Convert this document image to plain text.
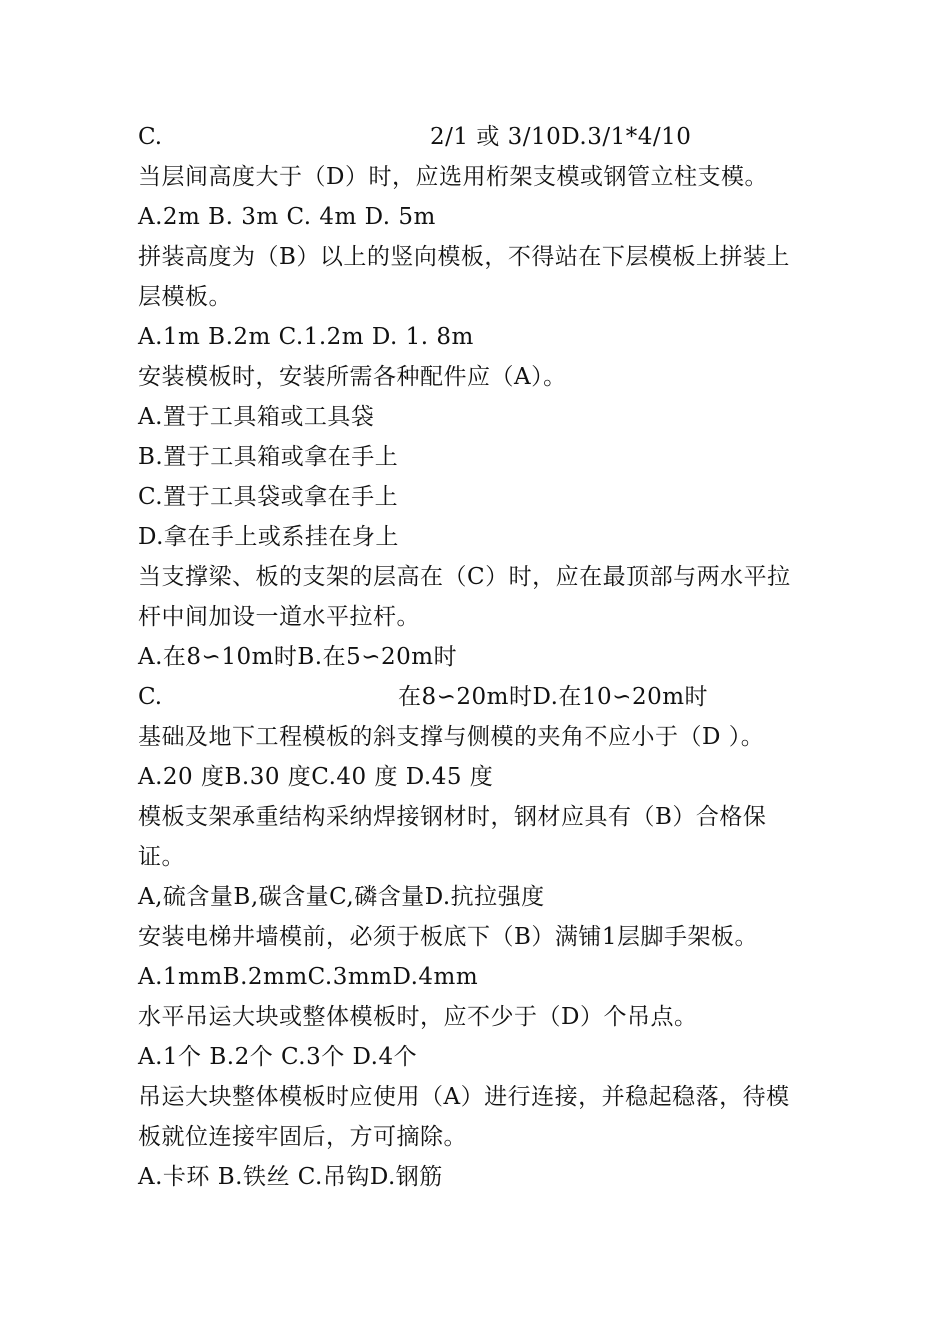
C.	2/1 或 3/10D.3/1*4/10
当层间高度大于（D）时，应选用桁架支模或钢管立柱支模。
A.2m B. 3m C. 4m D. 5m
拼装高度为（B）以上的竖向模板，不得站在下层模板上拼装上
层模板。
A.1m B.2m C.1.2m D. 1. 8m
安装模板时，安装所需各种配件应（A）。
A.置于工具箱或工具袋
B.置于工具箱或拿在手上
C.置于工具袋或拿在手上
D.拿在手上或系挂在身上
当支撑梁、板的支架的层高在（C）时，应在最顶部与两水平拉
杆中间加设一道水平拉杆。
A.在8∽10m时B.在5∽20m时
C.	在8∽20m时D.在10∽20m时
基础及地下工程模板的斜支撑与侧模的夹角不应小于（D ）。
A.20 度B.30 度C.40 度 D.45 度
模板支架承重结构采纳焊接钢材时，钢材应具有（B）合格保
证。
A,硫含量B,碳含量C,磷含量D.抗拉强度
安装电梯井墙模前，必须于板底下（B）满铺1层脚手架板。
A.1mmB.2mmC.3mmD.4mm
水平吊运大块或整体模板时，应不少于（D）个吊点。
A.1个 B.2个 C.3个 D.4个
吊运大块整体模板时应使用（A）进行连接，并稳起稳落，待模
板就位连接牢固后，方可摘除。
A.卡环 B.铁丝 C.吊钩D.钢筋
